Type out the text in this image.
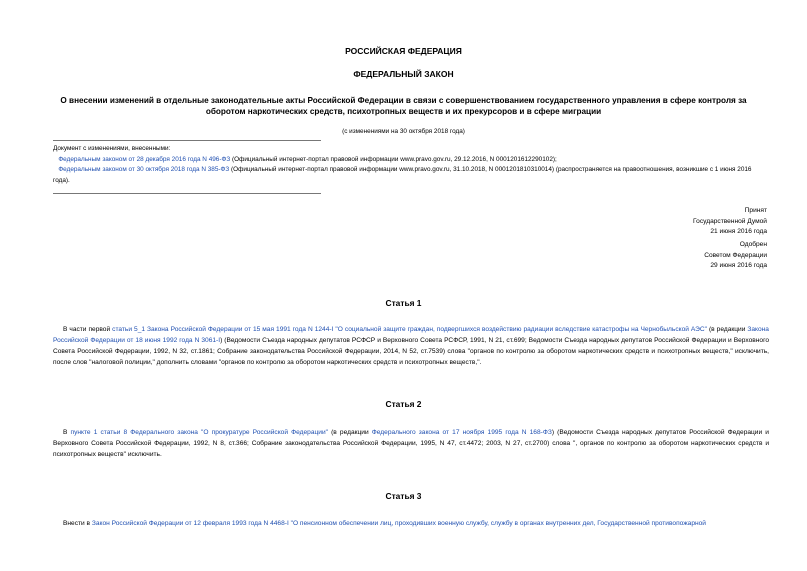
РОССИЙСКАЯ ФЕДЕРАЦИЯ
ФЕДЕРАЛЬНЫЙ ЗАКОН
О внесении изменений в отдельные законодательные акты Российской Федерации в связи с совершенствованием государственного управления в сфере контроля за оборотом наркотических средств, психотропных веществ и их прекурсоров и в сфере миграции
(с изменениями на 30 октября 2018 года)
Документ с изменениями, внесенными:
Федеральным законом от 28 декабря 2016 года N 496-ФЗ (Официальный интернет-портал правовой информации www.pravo.gov.ru, 29.12.2016, N 0001201612290102);
Федеральным законом от 30 октября 2018 года N 385-ФЗ (Официальный интернет-портал правовой информации www.pravo.gov.ru, 31.10.2018, N 0001201810310014) (распространяется на правоотношения, возникшие с 1 июня 2016 года).
Принят
Государственной Думой
21 июня 2016 года
Одобрен
Советом Федерации
29 июня 2016 года
Статья 1
В части первой статьи 5_1 Закона Российской Федерации от 15 мая 1991 года N 1244-I "О социальной защите граждан, подвергшихся воздействию радиации вследствие катастрофы на Чернобыльской АЭС" (в редакции Закона Российской Федерации от 18 июня 1992 года N 3061-I) (Ведомости Съезда народных депутатов РСФСР и Верховного Совета РСФСР, 1991, N 21, ст.699; Ведомости Съезда народных депутатов Российской Федерации и Верховного Совета Российской Федерации, 1992, N 32, ст.1861; Собрание законодательства Российской Федерации, 2014, N 52, ст.7539) слова "органов по контролю за оборотом наркотических средств и психотропных веществ," исключить, после слов "налоговой полиции," дополнить словами "органов по контролю за оборотом наркотических средств и психотропных веществ,".
Статья 2
В пункте 1 статьи 8 Федерального закона "О прокуратуре Российской Федерации" (в редакции Федерального закона от 17 ноября 1995 года N 168-ФЗ) (Ведомости Съезда народных депутатов Российской Федерации и Верховного Совета Российской Федерации, 1992, N 8, ст.366; Собрание законодательства Российской Федерации, 1995, N 47, ст.4472; 2003, N 27, ст.2700) слова ", органов по контролю за оборотом наркотических средств и психотропных веществ" исключить.
Статья 3
Внести в Закон Российской Федерации от 12 февраля 1993 года N 4468-I "О пенсионном обеспечении лиц, проходивших военную службу, службу в органах внутренних дел, Государственной противопожарной
